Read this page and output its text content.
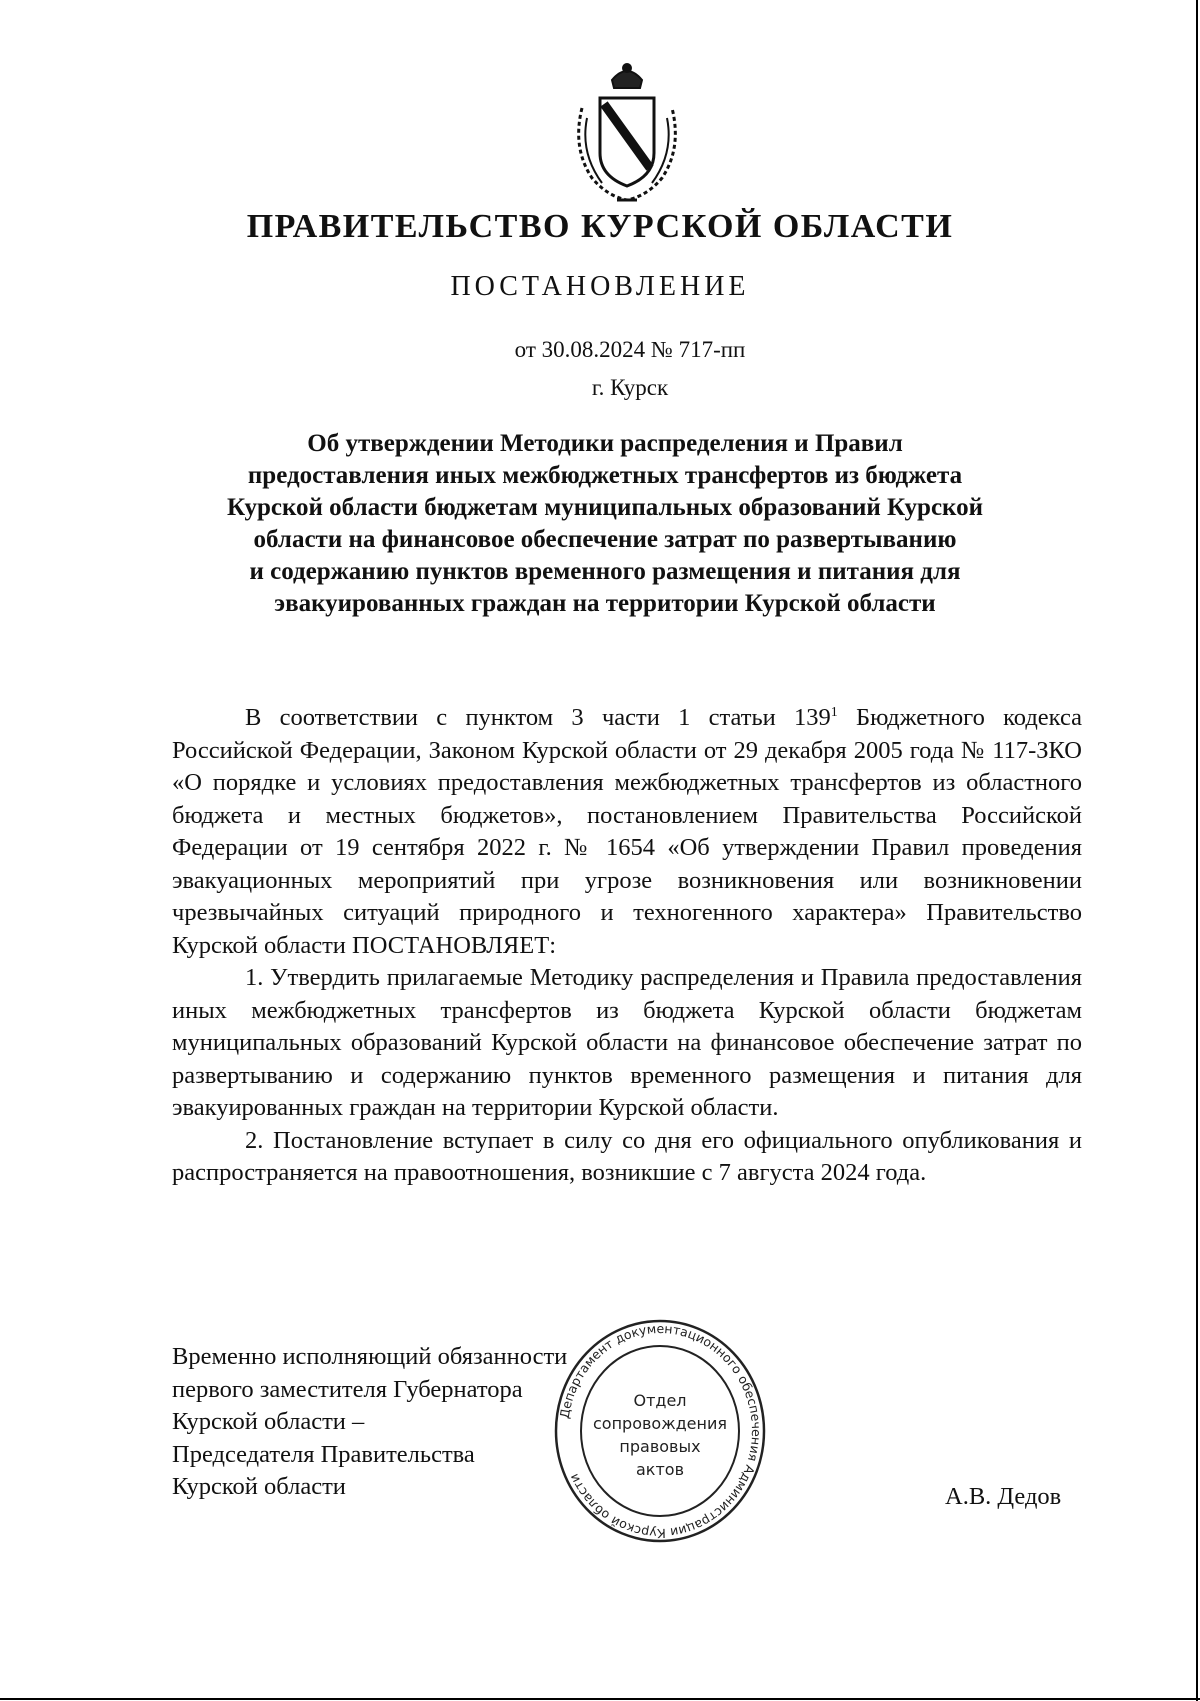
ПРАВИТЕЛЬСТВО КУРСКОЙ ОБЛАСТИ
ПОСТАНОВЛЕНИЕ
от 30.08.2024 № 717-пп
г. Курск
Об утверждении Методики распределения и Правил
предоставления иных межбюджетных трансфертов из бюджета
Курской области бюджетам муниципальных образований Курской
области на финансовое обеспечение затрат по развертыванию
и содержанию пунктов временного размещения и питания для
эвакуированных граждан на территории Курской области

В соответствии с пунктом 3 части 1 статьи $139^1$ Бюджетного кодекса Российской Федерации, Законом Курской области от 29 декабря 2005 года № 117-ЗКО «О порядке и условиях предоставления межбюджетных трансфертов из областного бюджета и местных бюджетов», постановлением Правительства Российской Федерации от 19 сентября 2022 г. № 1654 «Об утверждении Правил проведения эвакуационных мероприятий при угрозе возникновения или возникновении чрезвычайных ситуаций природного и техногенного характера» Правительство Курской области ПОСТАНОВЛЯЕТ:

1. Утвердить прилагаемые Методику распределения и Правила предоставления иных межбюджетных трансфертов из бюджета Курской области бюджетам муниципальных образований Курской области на финансовое обеспечение затрат по развертыванию и содержанию пунктов временного размещения и питания для эвакуированных граждан на территории Курской области.

2. Постановление вступает в силу со дня его официального опубликования и распространяется на правоотношения, возникшие с 7 августа 2024 года.

Временно исполняющий обязанности
первого заместителя Губернатора
Курской области –
Председателя Правительства
Курской области	А.В. Дедов
Департамент документационного обеспечения Администрации Курской области
Отдел
сопровождения
правовых
актов
